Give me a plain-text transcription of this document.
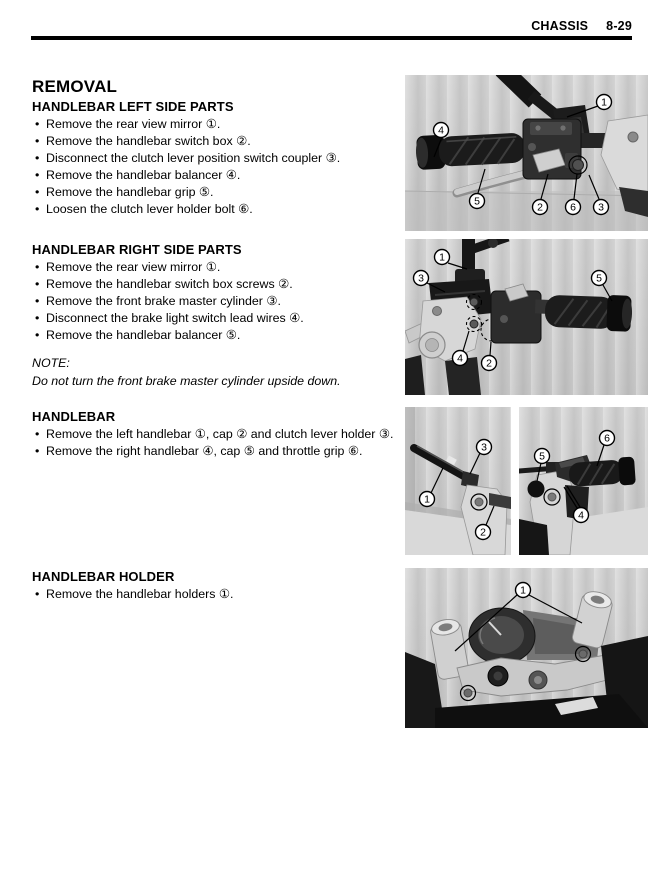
CHASSIS 8-29
REMOVAL
HANDLEBAR LEFT SIDE PARTS
• Remove the rear view mirror ①.
• Remove the handlebar switch box ②.
• Disconnect the clutch lever position switch coupler ③.
• Remove the handlebar balancer ④.
• Remove the handlebar grip ⑤.
• Loosen the clutch lever holder bolt ⑥.
HANDLEBAR RIGHT SIDE PARTS
• Remove the rear view mirror ①.
• Remove the handlebar switch box screws ②.
• Remove the front brake master cylinder ③.
• Disconnect the brake light switch lead wires ④.
• Remove the handlebar balancer ⑤.
NOTE:
Do not turn the front brake master cylinder upside down.
HANDLEBAR
• Remove the left handlebar ①, cap ② and clutch lever holder ③.
• Remove the right handlebar ④, cap ⑤ and throttle grip ⑥.
HANDLEBAR HOLDER
• Remove the handlebar holders ①.
1
4
5	2	6 3
1
3	5
4 2
3
1
2
5
6
4
1
